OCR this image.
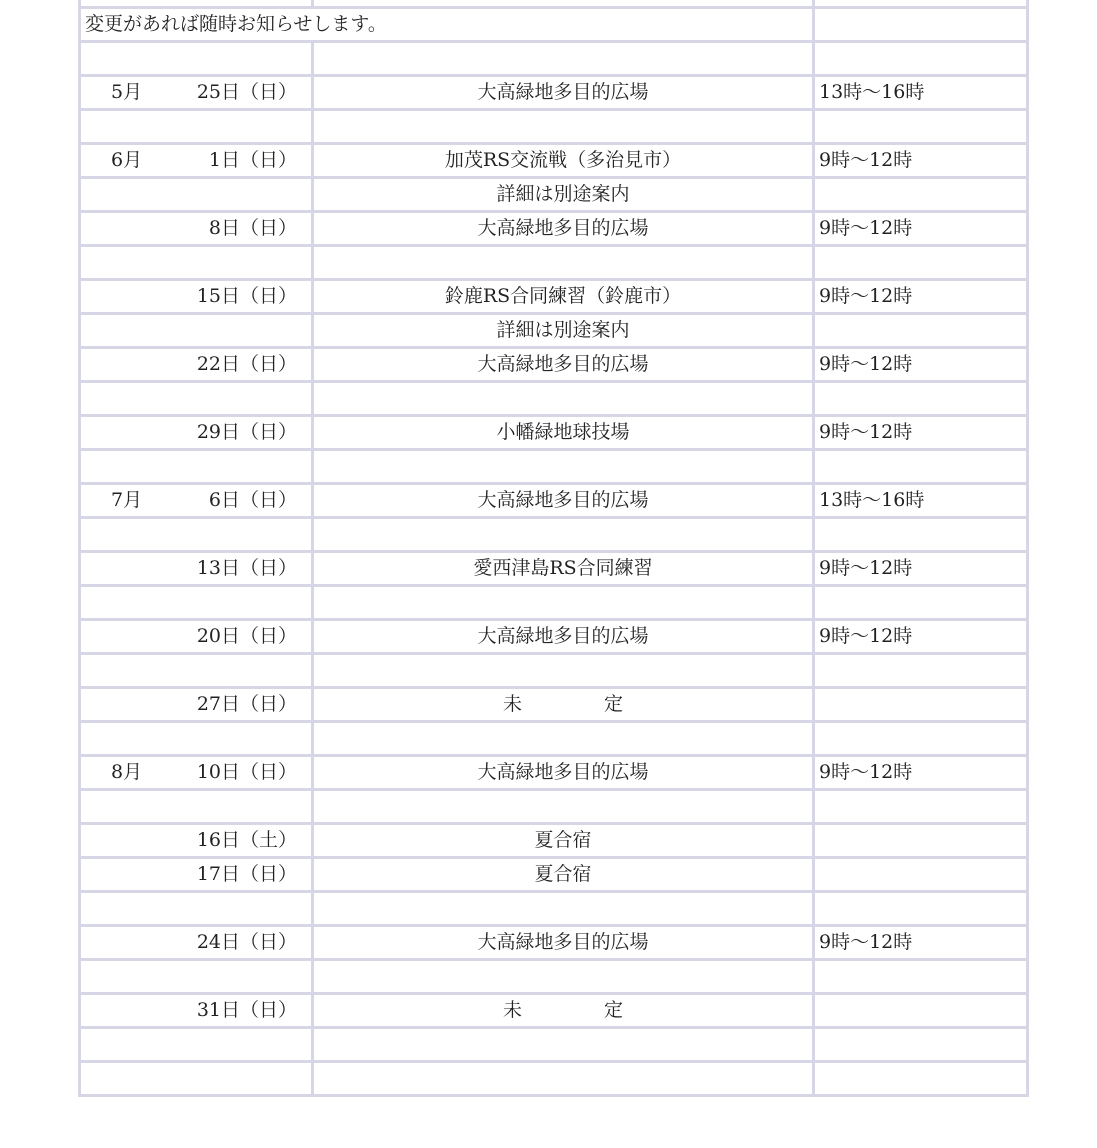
変更があれば随時お知らせします。			

5月	25日（日）	大高緑地多目的広場	13時〜16時

6月	1日（日）	加茂RS交流戦（多治見市）	9時〜12時
		詳細は別途案内	
	8日（日）	大高緑地多目的広場	9時〜12時

	15日（日）	鈴鹿RS合同練習（鈴鹿市）	9時〜12時
		詳細は別途案内	
	22日（日）	大高緑地多目的広場	9時〜12時

	29日（日）	小幡緑地球技場	9時〜12時

7月	6日（日）	大高緑地多目的広場	13時〜16時

	13日（日）	愛西津島RS合同練習	9時〜12時

	20日（日）	大高緑地多目的広場	9時〜12時

	27日（日）	未 定	

8月	10日（日）	大高緑地多目的広場	9時〜12時

	16日（土）	夏合宿	
	17日（日）	夏合宿	

	24日（日）	大高緑地多目的広場	9時〜12時

	31日（日）	未 定	
